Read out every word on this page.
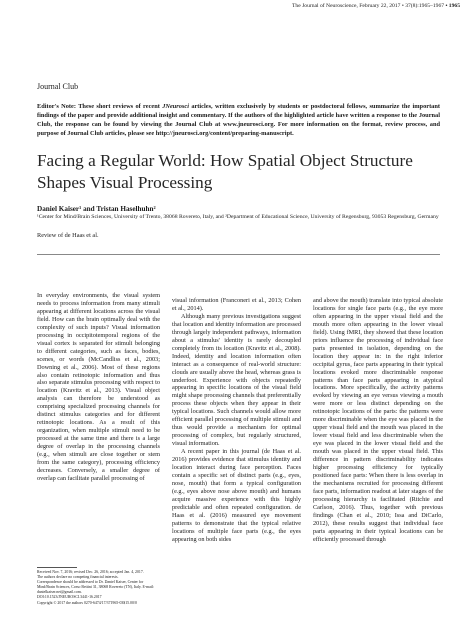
The Journal of Neuroscience, February 22, 2017 • 37(8):1965–1967 • 1965
Journal Club
Editor's Note: These short reviews of recent JNeurosci articles, written exclusively by students or postdoctoral fellows, summarize the important findings of the paper and provide additional insight and commentary. If the authors of the highlighted article have written a response to the Journal Club, the response can be found by viewing the Journal Club at www.jneurosci.org. For more information on the format, review process, and purpose of Journal Club articles, please see http://jneurosci.org/content/preparing-manuscript.
Facing a Regular World: How Spatial Object Structure Shapes Visual Processing
Daniel Kaiser¹ and Tristan Haselhuhn²
¹Center for Mind/Brain Sciences, University of Trento, 38068 Rovereto, Italy, and ²Department of Educational Science, University of Regensburg, 93053 Regensburg, Germany
Review of de Haas et al.

In everyday environments, the visual system needs to process information from many stimuli appearing at different locations across the visual field. How can the brain optimally deal with the complexity of such inputs? Visual information processing in occipitotemporal regions of the visual cortex is separated for stimuli belonging to different categories, such as faces, bodies, scenes, or words (McCandliss et al., 2003; Downing et al., 2006). Most of these regions also contain retinotopic information and thus also separate stimulus processing with respect to location (Kravitz et al., 2013). Visual object analysis can therefore be understood as comprising specialized processing channels for distinct stimulus categories and for different retinotopic locations. As a result of this organization, when multiple stimuli need to be processed at the same time and there is a large degree of overlap in the processing channels (e.g., when stimuli are close together or stem from the same category), processing efficiency decreases. Conversely, a smaller degree of overlap can facilitate parallel processing of

visual information (Franconeri et al., 2013; Cohen et al., 2014).

Although many previous investigations suggest that location and identity information are processed through largely independent pathways, information about a stimulus' identity is rarely decoupled completely from its location (Kravitz et al., 2008). Indeed, identity and location information often interact as a consequence of real-world structure: clouds are usually above the head, whereas grass is underfoot. Experience with objects repeatedly appearing in specific locations of the visual field might shape processing channels that preferentially process these objects when they appear in their typical locations. Such channels would allow more efficient parallel processing of multiple stimuli and thus would provide a mechanism for optimal processing of complex, but regularly structured, visual information.

A recent paper in this journal (de Haas et al. 2016) provides evidence that stimulus identity and location interact during face perception. Faces contain a specific set of distinct parts (e.g., eyes, nose, mouth) that form a typical configuration (e.g., eyes above nose above mouth) and humans acquire massive experience with this highly predictable and often repeated configuration. de Haas et al. (2016) measured eye movement patterns to demonstrate that the typical relative locations of multiple face parts (e.g., the eyes appearing on both sides

and above the mouth) translate into typical absolute locations for single face parts (e.g., the eye more often appearing in the upper visual field and the mouth more often appearing in the lower visual field). Using fMRI, they showed that these location priors influence the processing of individual face parts presented in isolation, depending on the location they appear in: in the right inferior occipital gyrus, face parts appearing in their typical locations evoked more discriminable response patterns than face parts appearing in atypical locations. More specifically, the activity patterns evoked by viewing an eye versus viewing a mouth were more or less distinct depending on the retinotopic locations of the parts: the patterns were more discriminable when the eye was placed in the upper visual field and the mouth was placed in the lower visual field and less discriminable when the eye was placed in the lower visual field and the mouth was placed in the upper visual field. This difference in pattern discriminability indicates higher processing efficiency for typically positioned face parts: When there is less overlap in the mechanisms recruited for processing different face parts, information readout at later stages of the processing hierarchy is facilitated (Ritchie and Carlson, 2016). Thus, together with previous findings (Chan et al., 2010; Issa and DiCarlo, 2012), these results suggest that individual face parts appearing in their typical locations can be efficiently processed through

Received Nov. 7, 2016; revised Dec. 26, 2016; accepted Jan. 4, 2017.
The authors declare no competing financial interests.
Correspondence should be addressed to Dr. Daniel Kaiser, Center for Mind/Brain Sciences, Corso Bettini 31, 38068 Rovereto (TN), Italy. E-mail: danielkaiser.net@gmail.com.
DOI:10.1523/JNEUROSCI.3441-16.2017
Copyright © 2017 the authors 0270-6474/17/371965-03$15.00/0
